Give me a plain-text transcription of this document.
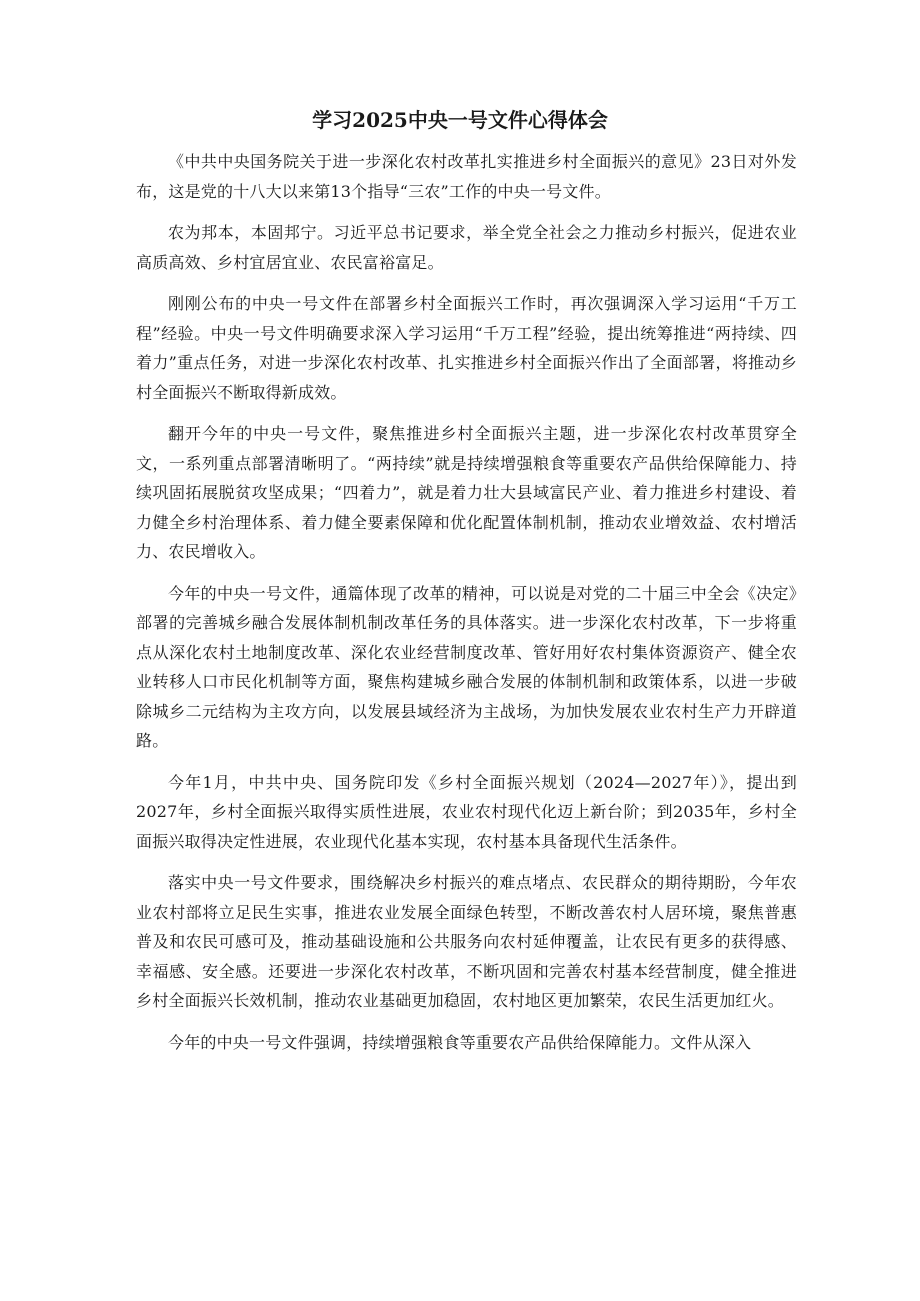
学习2025中央一号文件心得体会

《中共中央国务院关于进一步深化农村改革扎实推进乡村全面振兴的意见》23日对外发布，这是党的十八大以来第13个指导“三农”工作的中央一号文件。

农为邦本，本固邦宁。习近平总书记要求，举全党全社会之力推动乡村振兴，促进农业高质高效、乡村宜居宜业、农民富裕富足。

刚刚公布的中央一号文件在部署乡村全面振兴工作时，再次强调深入学习运用“千万工程”经验。中央一号文件明确要求深入学习运用“千万工程”经验，提出统筹推进“两持续、四着力”重点任务，对进一步深化农村改革、扎实推进乡村全面振兴作出了全面部署，将推动乡村全面振兴不断取得新成效。

翻开今年的中央一号文件，聚焦推进乡村全面振兴主题，进一步深化农村改革贯穿全文，一系列重点部署清晰明了。“两持续”就是持续增强粮食等重要农产品供给保障能力、持续巩固拓展脱贫攻坚成果；“四着力”，就是着力壮大县域富民产业、着力推进乡村建设、着力健全乡村治理体系、着力健全要素保障和优化配置体制机制，推动农业增效益、农村增活力、农民增收入。

今年的中央一号文件，通篇体现了改革的精神，可以说是对党的二十届三中全会《决定》部署的完善城乡融合发展体制机制改革任务的具体落实。进一步深化农村改革，下一步将重点从深化农村土地制度改革、深化农业经营制度改革、管好用好农村集体资源资产、健全农业转移人口市民化机制等方面，聚焦构建城乡融合发展的体制机制和政策体系，以进一步破除城乡二元结构为主攻方向，以发展县域经济为主战场，为加快发展农业农村生产力开辟道路。

今年1月，中共中央、国务院印发《乡村全面振兴规划（2024—2027年）》，提出到2027年，乡村全面振兴取得实质性进展，农业农村现代化迈上新台阶；到2035年，乡村全面振兴取得决定性进展，农业现代化基本实现，农村基本具备现代生活条件。

落实中央一号文件要求，围绕解决乡村振兴的难点堵点、农民群众的期待期盼，今年农业农村部将立足民生实事，推进农业发展全面绿色转型，不断改善农村人居环境，聚焦普惠普及和农民可感可及，推动基础设施和公共服务向农村延伸覆盖，让农民有更多的获得感、幸福感、安全感。还要进一步深化农村改革，不断巩固和完善农村基本经营制度，健全推进乡村全面振兴长效机制，推动农业基础更加稳固，农村地区更加繁荣，农民生活更加红火。

今年的中央一号文件强调，持续增强粮食等重要农产品供给保障能力。文件从深入
